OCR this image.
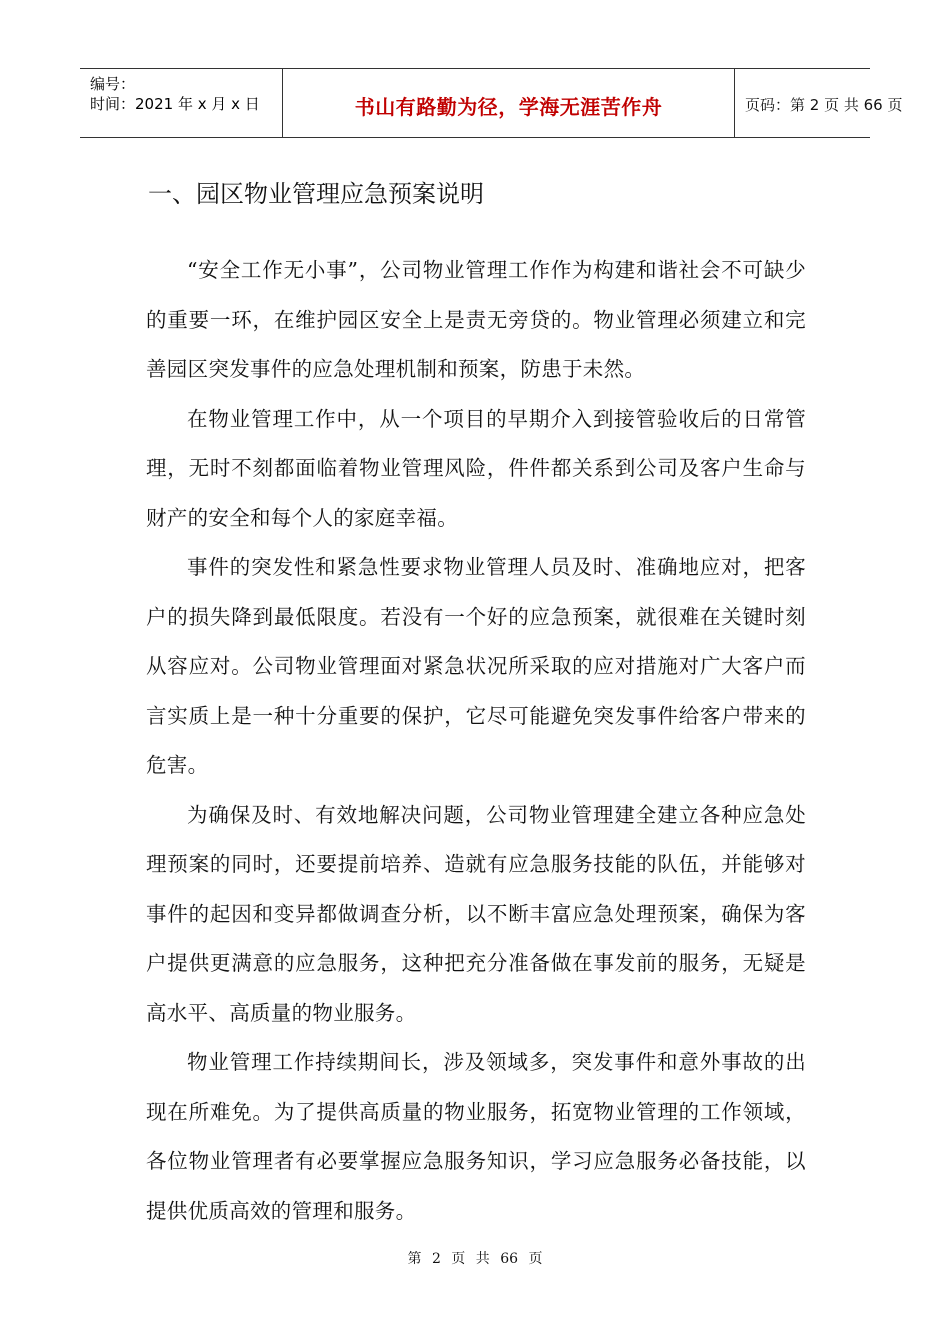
编号：
时间：2021 年 x 月 x 日	书山有路勤为径，学海无涯苦作舟	页码：第 2 页 共 66 页
一、园区物业管理应急预案说明

“安全工作无小事”，公司物业管理工作作为构建和谐社会不可缺少的重要一环，在维护园区安全上是责无旁贷的。物业管理必须建立和完善园区突发事件的应急处理机制和预案，防患于未然。

在物业管理工作中，从一个项目的早期介入到接管验收后的日常管理，无时不刻都面临着物业管理风险，件件都关系到公司及客户生命与财产的安全和每个人的家庭幸福。

事件的突发性和紧急性要求物业管理人员及时、准确地应对，把客户的损失降到最低限度。若没有一个好的应急预案，就很难在关键时刻从容应对。公司物业管理面对紧急状况所采取的应对措施对广大客户而言实质上是一种十分重要的保护，它尽可能避免突发事件给客户带来的危害。

为确保及时、有效地解决问题，公司物业管理建全建立各种应急处理预案的同时，还要提前培养、造就有应急服务技能的队伍，并能够对事件的起因和变异都做调查分析，以不断丰富应急处理预案，确保为客户提供更满意的应急服务，这种把充分准备做在事发前的服务，无疑是高水平、高质量的物业服务。

物业管理工作持续期间长，涉及领域多，突发事件和意外事故的出现在所难免。为了提供高质量的物业服务，拓宽物业管理的工作领域，各位物业管理者有必要掌握应急服务知识，学习应急服务必备技能，以提供优质高效的管理和服务。

第 2 页 共 66 页
